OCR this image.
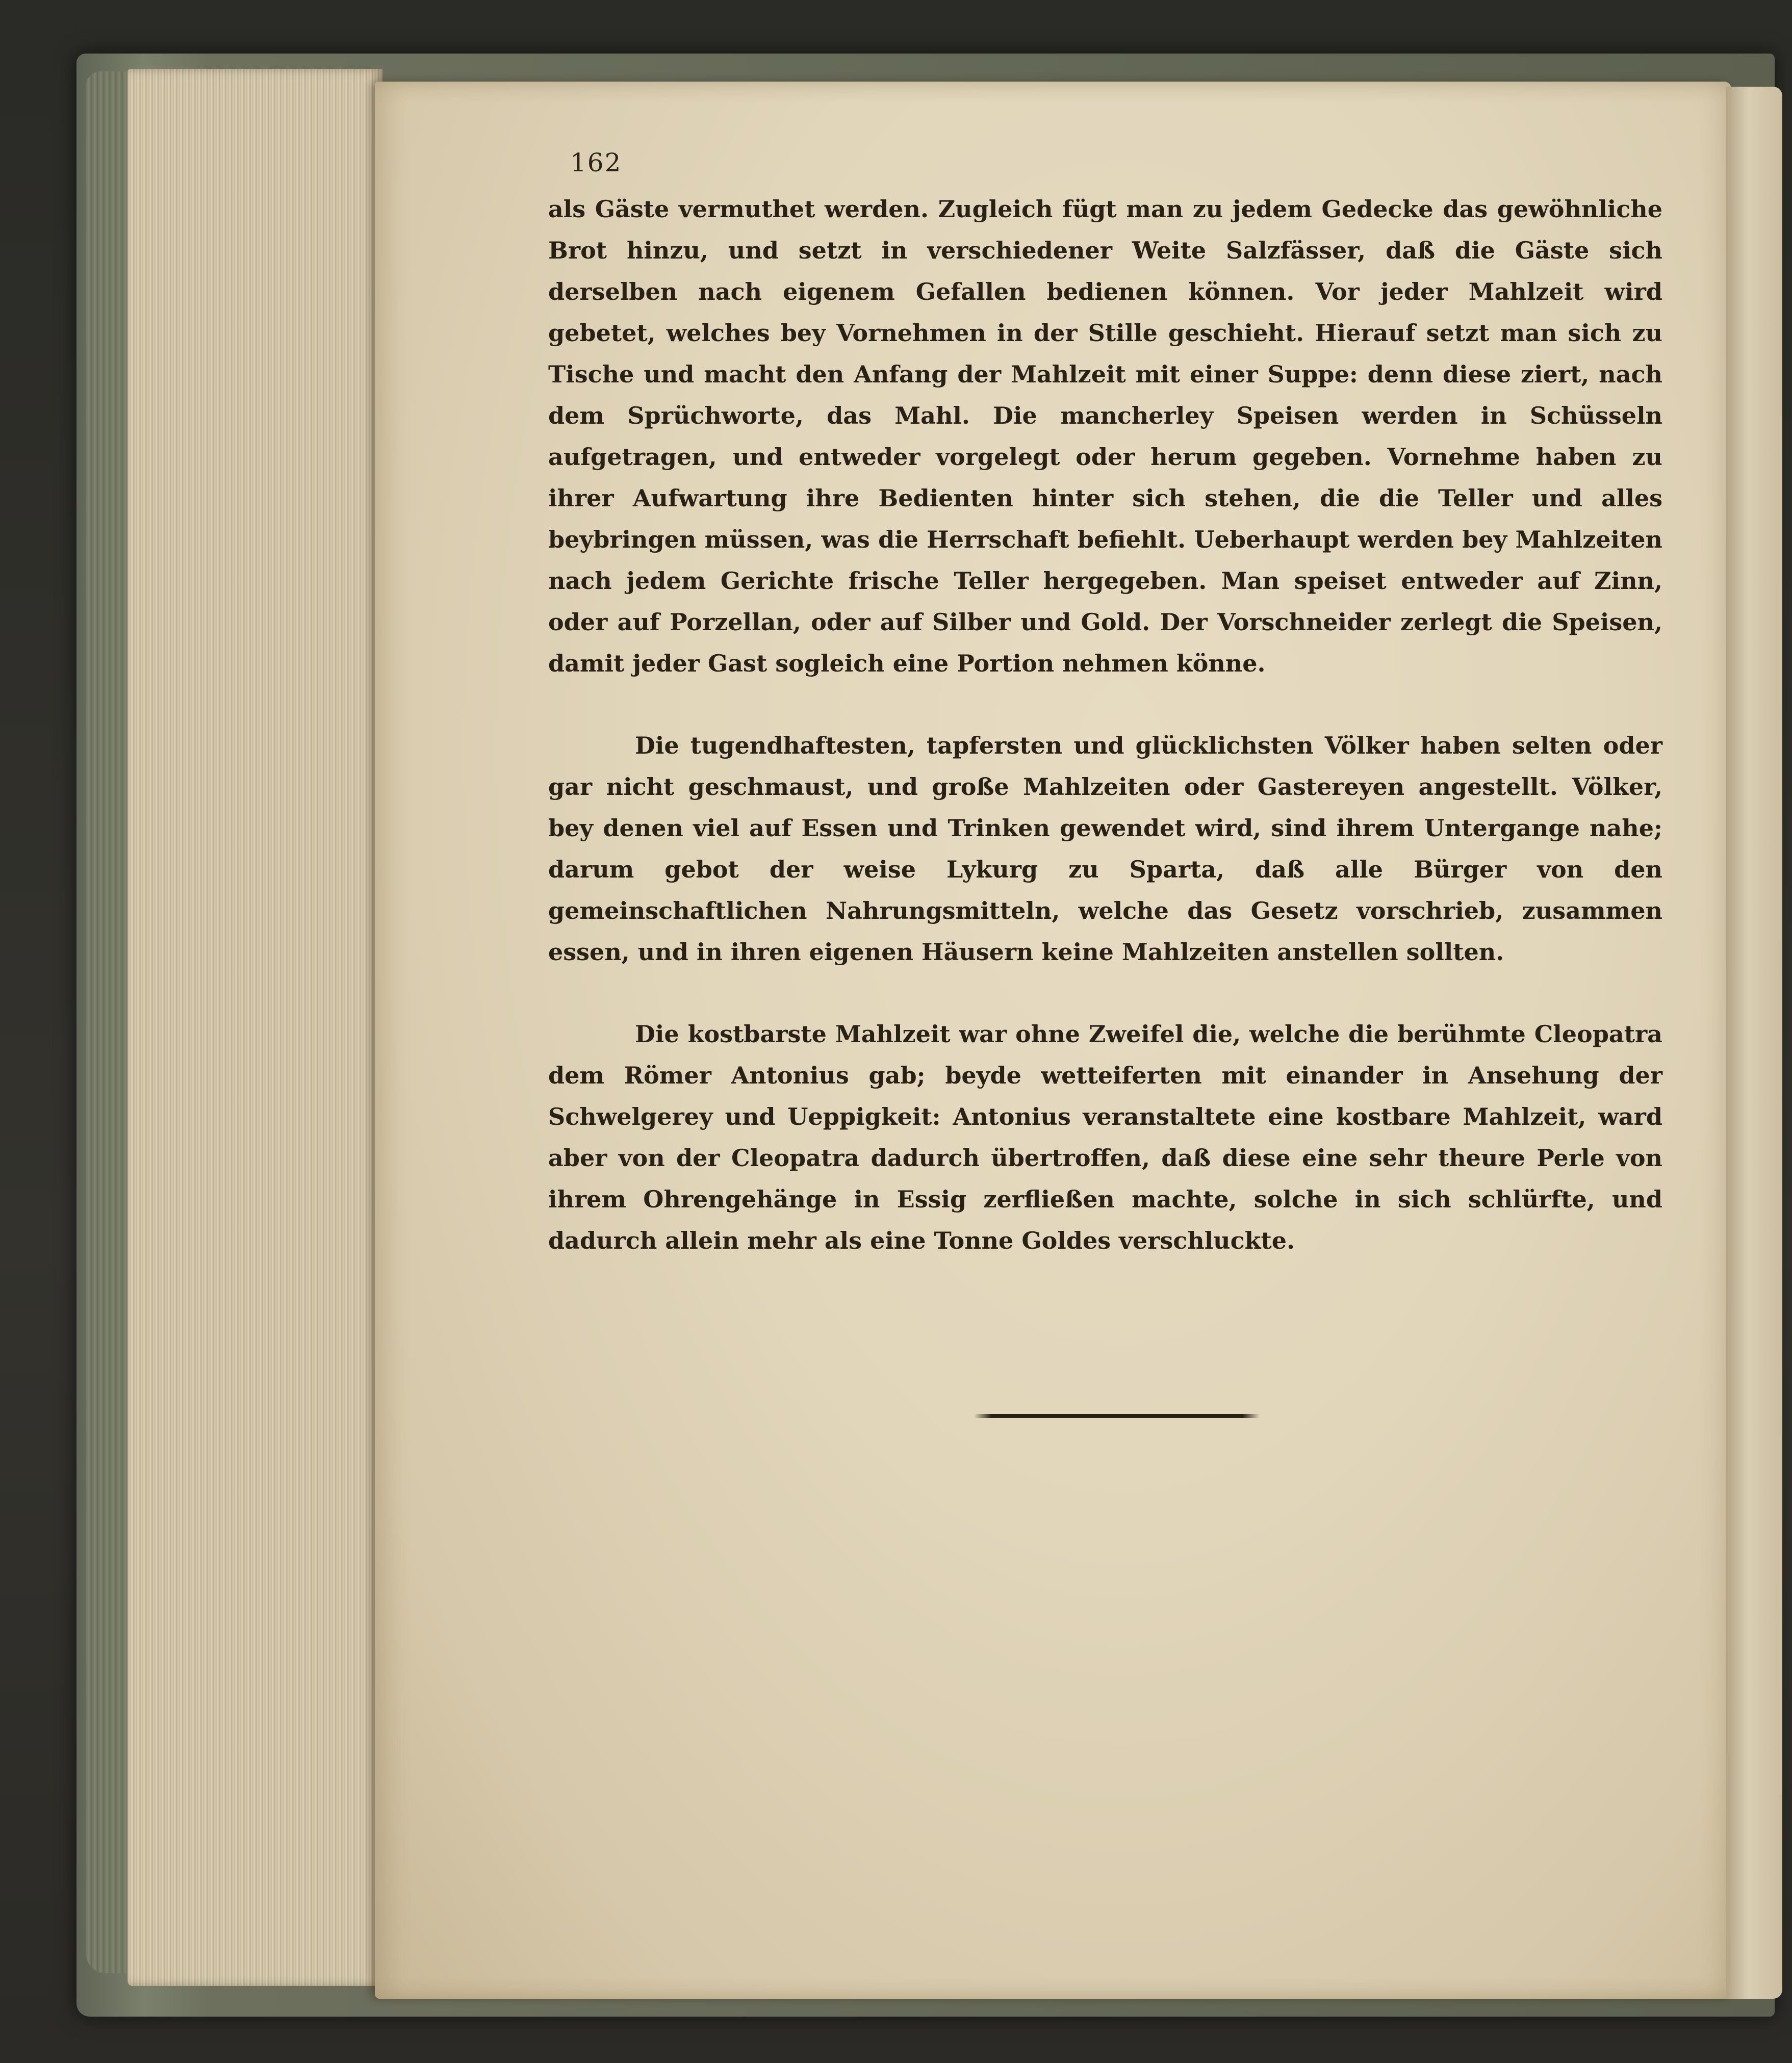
162

als Gäste vermuthet werden. Zugleich fügt man zu jedem Gedecke das gewöhnliche Brot hinzu, und setzt in verschiedener Weite Salzfässer, daß die Gäste sich derselben nach eigenem Gefallen bedienen können. Vor jeder Mahlzeit wird gebetet, welches bey Vornehmen in der Stille geschieht. Hierauf setzt man sich zu Tische und macht den Anfang der Mahlzeit mit einer Suppe: denn diese ziert, nach dem Sprüchworte, das Mahl. Die mancherley Speisen werden in Schüsseln aufgetragen, und entweder vorgelegt oder herum gegeben. Vornehme haben zu ihrer Aufwartung ihre Bedienten hinter sich stehen, die die Teller und alles beybringen müssen, was die Herrschaft befiehlt. Ueberhaupt werden bey Mahlzeiten nach jedem Gerichte frische Teller hergegeben. Man speiset entweder auf Zinn, oder auf Porzellan, oder auf Silber und Gold. Der Vorschneider zerlegt die Speisen, damit jeder Gast sogleich eine Portion nehmen könne.

Die tugendhaftesten, tapfersten und glücklichsten Völker haben selten oder gar nicht geschmaust, und große Mahlzeiten oder Gastereyen angestellt. Völker, bey denen viel auf Essen und Trinken gewendet wird, sind ihrem Untergange nahe; darum gebot der weise Lykurg zu Sparta, daß alle Bürger von den gemeinschaftlichen Nahrungsmitteln, welche das Gesetz vorschrieb, zusammen essen, und in ihren eigenen Häusern keine Mahlzeiten anstellen sollten.

Die kostbarste Mahlzeit war ohne Zweifel die, welche die berühmte Cleopatra dem Römer Antonius gab; beyde wetteiferten mit einander in Ansehung der Schwelgerey und Ueppigkeit: Antonius veranstaltete eine kostbare Mahlzeit, ward aber von der Cleopatra dadurch übertroffen, daß diese eine sehr theure Perle von ihrem Ohrengehänge in Essig zerfließen machte, solche in sich schlürfte, und dadurch allein mehr als eine Tonne Goldes verschluckte.
